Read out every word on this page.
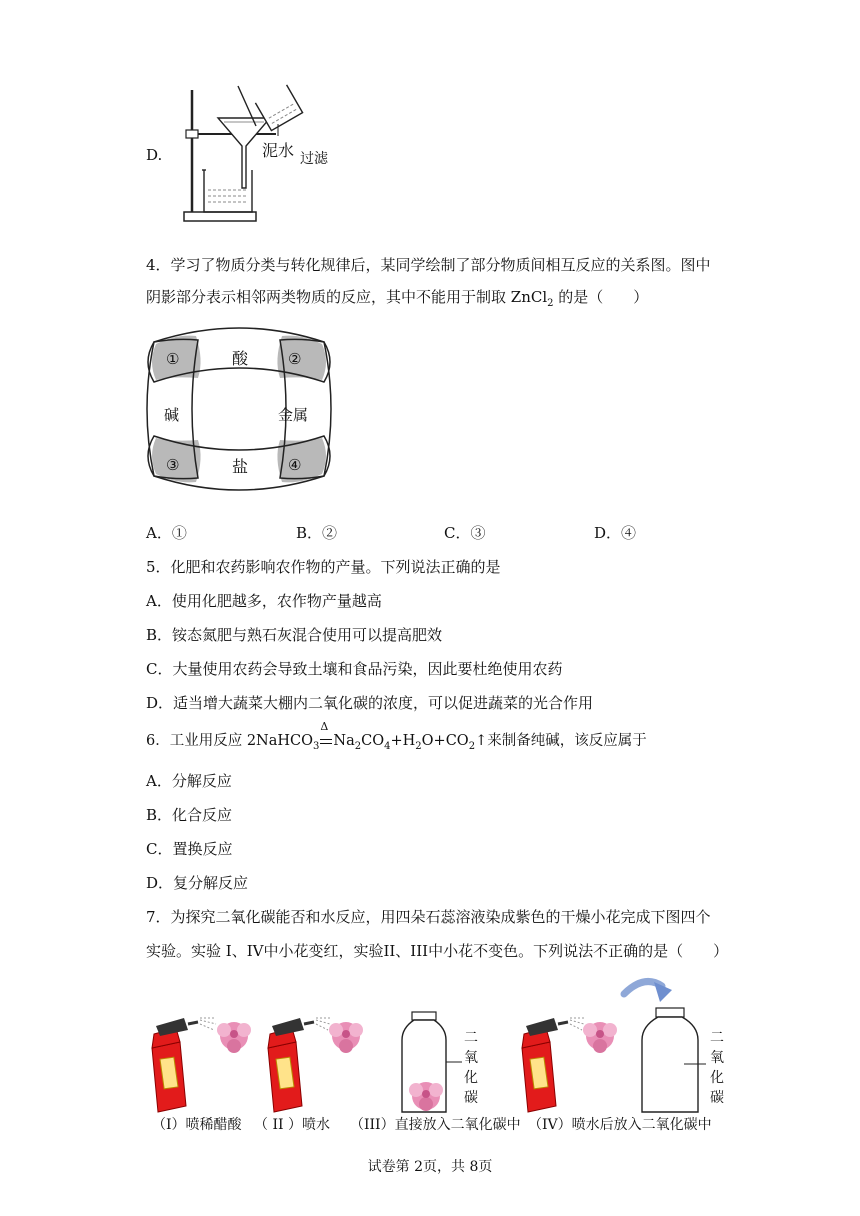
D.	泥水 过滤
4．学习了物质分类与转化规律后，某同学绘制了部分物质间相互反应的关系图。图中
阴影部分表示相邻两类物质的反应，其中不能用于制取 ZnCl$_2$ 的是（　　）
酸
碱	金属
盐
①	②
③	④
A．①	B．②	C．③	D．④
5．化肥和农药影响农作物的产量。下列说法正确的是
A．使用化肥越多，农作物产量越高
B．铵态氮肥与熟石灰混合使用可以提高肥效
C．大量使用农药会导致土壤和食品污染，因此要杜绝使用农药
D．适当增大蔬菜大棚内二氧化碳的浓度，可以促进蔬菜的光合作用
6．工业用反应 2NaHCO$_3$
Δ
$Na_2CO_4+H_2O+CO_2↑$来制备纯碱，该反应属于
A．分解反应
B．化合反应
C．置换反应
D．复分解反应
7．为探究二氧化碳能否和水反应，用四朵石蕊溶液染成紫色的干燥小花完成下图四个
实验。实验 I、IV中小花变红，实验II、III中小花不变色。下列说法不正确的是（　　）
二
氧
化
碳
二
氧
化
碳
（I）喷稀醋酸 （ II ）喷水 （III）直接放入二氧化碳中 （IV）喷水后放入二氧化碳中
试卷第 2页，共 8页
